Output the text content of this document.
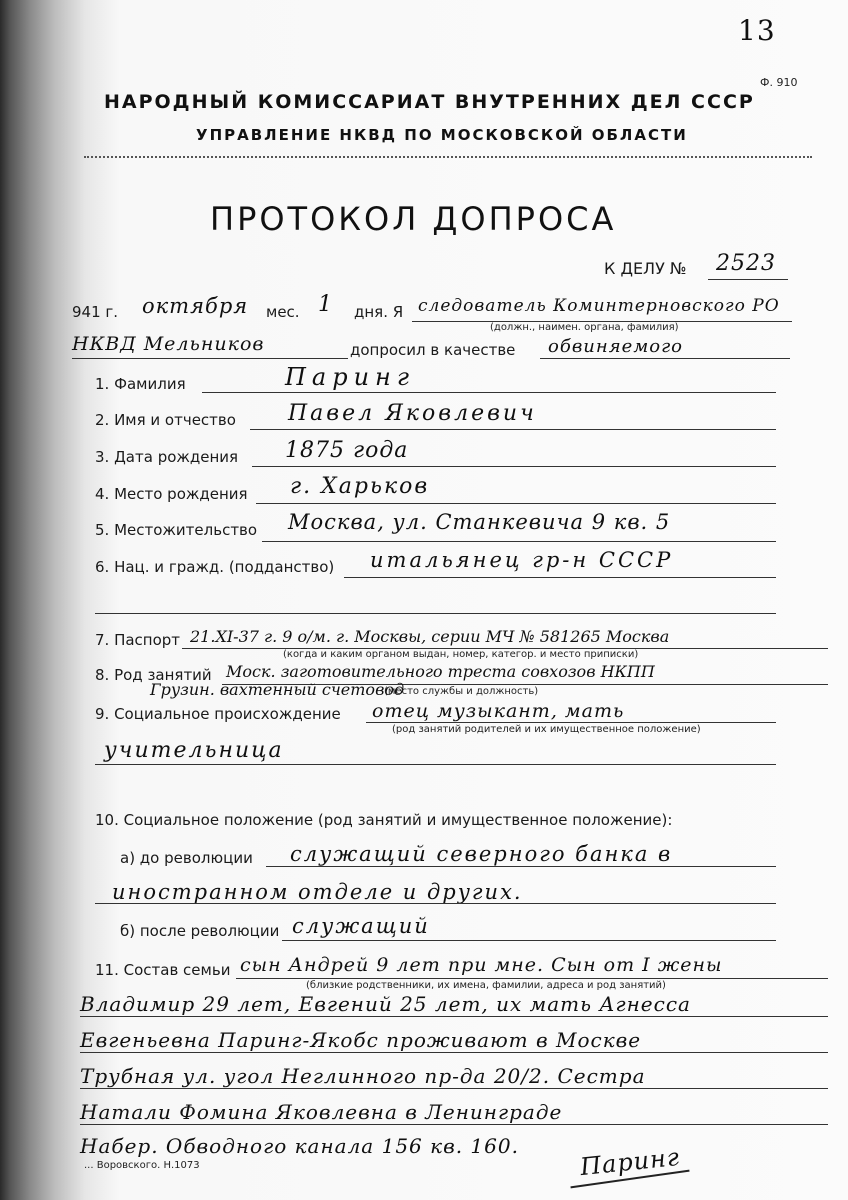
13
Ф. 910
НАРОДНЫЙ КОМИССАРИАТ ВНУТРЕННИХ ДЕЛ СССР
УПРАВЛЕНИЕ НКВД ПО МОСКОВСКОЙ ОБЛАСТИ
ПРОТОКОЛ ДОПРОСА
К ДЕЛУ № 2523
941 г. октября мес. 1 дня. Я следователь Коминтерновского РО
(должн., наимен. органа, фамилия)
НКВД Мельников	допросил в качестве обвиняемого
1. Фамилия	Паринг
2. Имя и отчество Павел Яковлевич
3. Дата рождения 1875 года
4. Место рождения г. Харьков
5. Местожительство Москва, ул. Станкевича 9 кв. 5
6. Нац. и гражд. (подданство) итальянец гр-н СССР
7. Паспорт 21.XI-37 г. 9 о/м. г. Москвы, серии МЧ № 581265 Москва
(когда и каким органом выдан, номер, категор. и место приписки)
8. Род занятий Моск. заготовительного треста совхозов НКПП
Грузин. вахтенный счетовод
(место службы и должность)
9. Социальное происхождение отец музыкант, мать
(род занятий родителей и их имущественное положение)
учительница
10. Социальное положение (род занятий и имущественное положение):
а) до революции служащий северного банка в
иностранном отделе и других.
б) после революции служащий
11. Состав семьи сын Андрей 9 лет при мне. Сын от I жены
(близкие родственники, их имена, фамилии, адреса и род занятий)
Владимир 29 лет, Евгений 25 лет, их мать Агнесса
Евгеньевна Паринг-Якобс проживают в Москве
Трубная ул. угол Неглинного пр-да 20/2. Сестра
Натали Фомина Яковлевна в Ленинграде
Набер. Обводного канала 156 кв. 160.
... Воровского. Н.1073	Паринг
